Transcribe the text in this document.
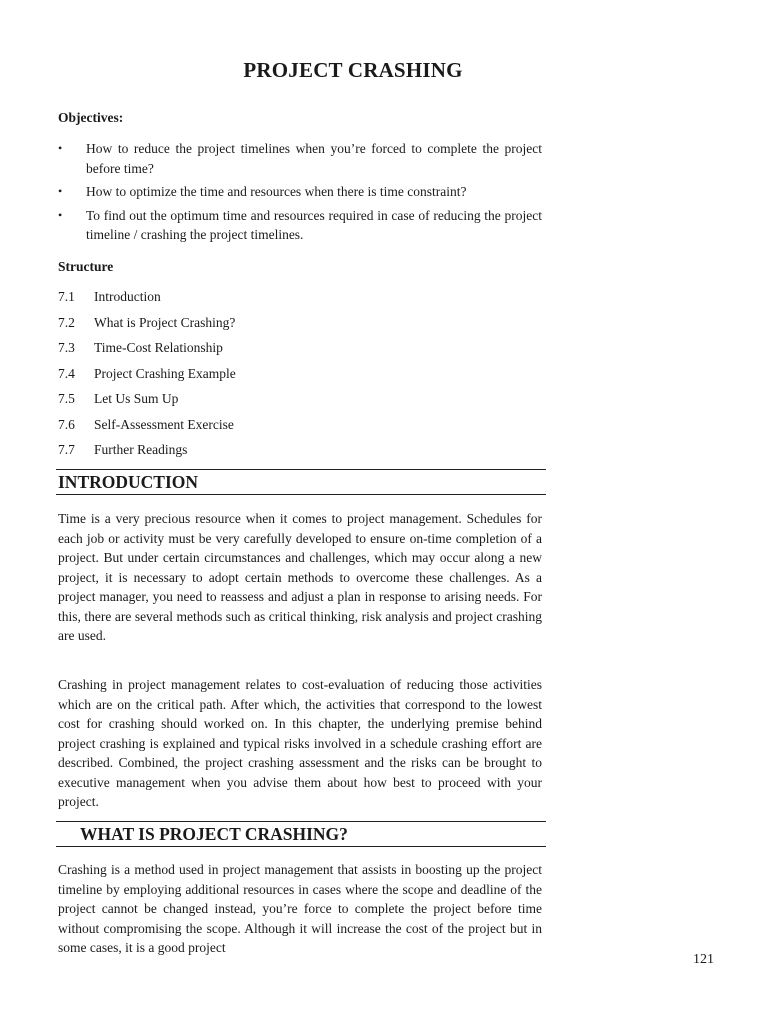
PROJECT CRASHING

Objectives:

• How to reduce the project timelines when you’re forced to complete the project before time?
• How to optimize the time and resources when there is time constraint?
• To find out the optimum time and resources required in case of reducing the project timeline / crashing the project timelines.

Structure

7.1	Introduction
7.2	What is Project Crashing?
7.3	Time-Cost Relationship
7.4	Project Crashing Example
7.5	Let Us Sum Up
7.6	Self-Assessment Exercise
7.7	Further Readings
INTRODUCTION

Time is a very precious resource when it comes to project management. Schedules for each job or activity must be very carefully developed to ensure on-time completion of a project. But under certain circumstances and challenges, which may occur along a new project, it is necessary to adopt certain methods to overcome these challenges. As a project manager, you need to reassess and adjust a plan in response to arising needs. For this, there are several methods such as critical thinking, risk analysis and project crashing are used.

Crashing in project management relates to cost-evaluation of reducing those activities which are on the critical path. After which, the activities that correspond to the lowest cost for crashing should worked on. In this chapter, the underlying premise behind project crashing is explained and typical risks involved in a schedule crashing effort are described. Combined, the project crashing assessment and the risks can be brought to executive management when you advise them about how best to proceed with your project.

WHAT IS PROJECT CRASHING?

Crashing is a method used in project management that assists in boosting up the project timeline by employing additional resources in cases where the scope and deadline of the project cannot be changed instead, you’re force to complete the project before time without compromising the scope. Although it will increase the cost of the project but in some cases, it is a good project

121
